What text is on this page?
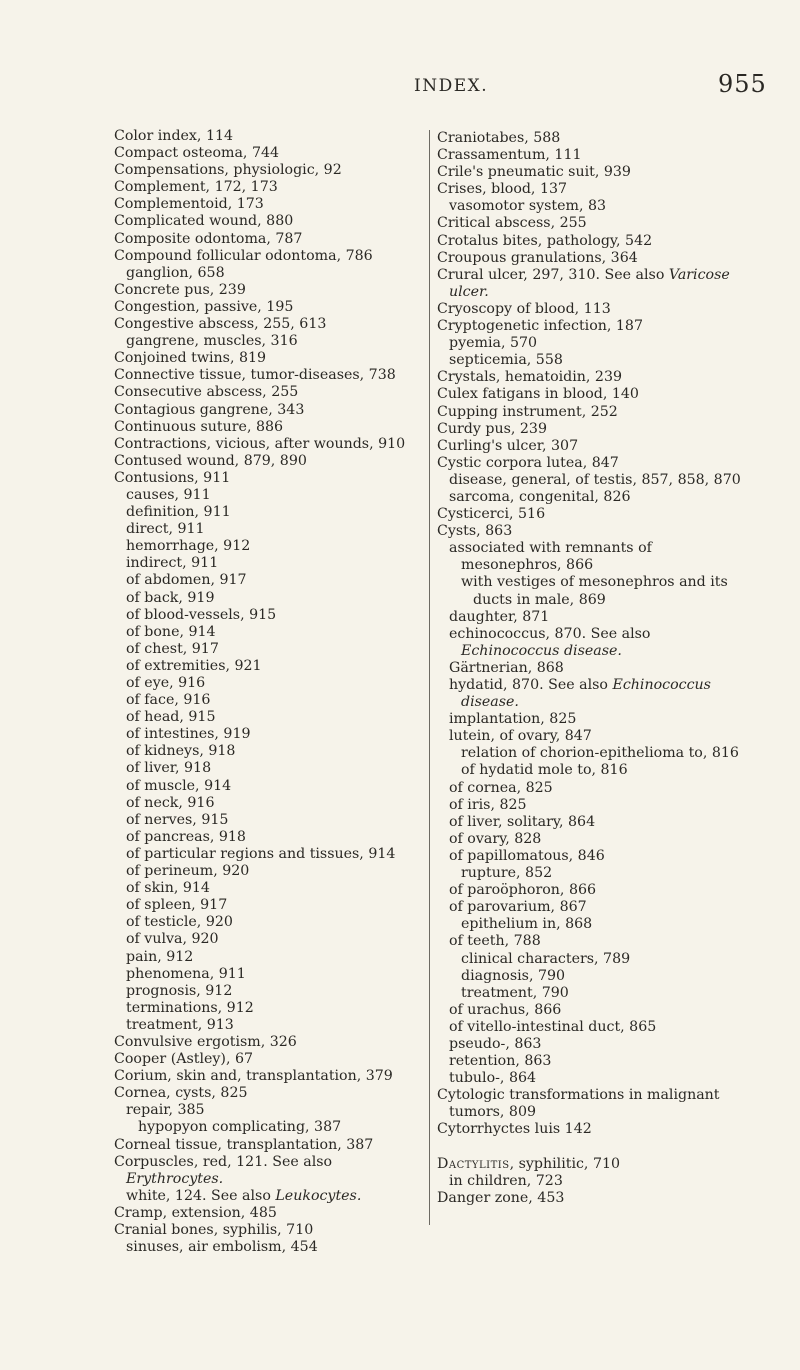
INDEX.	955
Color index, 114
Compact osteoma, 744
Compensations, physiologic, 92
Complement, 172, 173
Complementoid, 173
Complicated wound, 880
Composite odontoma, 787
Compound follicular odontoma, 786
ganglion, 658
Concrete pus, 239
Congestion, passive, 195
Congestive abscess, 255, 613
gangrene, muscles, 316
Conjoined twins, 819
Connective tissue, tumor-diseases, 738
Consecutive abscess, 255
Contagious gangrene, 343
Continuous suture, 886
Contractions, vicious, after wounds, 910
Contused wound, 879, 890
Contusions, 911
causes, 911
definition, 911
direct, 911
hemorrhage, 912
indirect, 911
of abdomen, 917
of back, 919
of blood-vessels, 915
of bone, 914
of chest, 917
of extremities, 921
of eye, 916
of face, 916
of head, 915
of intestines, 919
of kidneys, 918
of liver, 918
of muscle, 914
of neck, 916
of nerves, 915
of pancreas, 918
of particular regions and tissues, 914
of perineum, 920
of skin, 914
of spleen, 917
of testicle, 920
of vulva, 920
pain, 912
phenomena, 911
prognosis, 912
terminations, 912
treatment, 913
Convulsive ergotism, 326
Cooper (Astley), 67
Corium, skin and, transplantation, 379
Cornea, cysts, 825
repair, 385
hypopyon complicating, 387
Corneal tissue, transplantation, 387
Corpuscles, red, 121. See also Erythrocytes.
white, 124. See also Leukocytes.
Cramp, extension, 485
Cranial bones, syphilis, 710
sinuses, air embolism, 454
Craniotabes, 588
Crassamentum, 111
Crile's pneumatic suit, 939
Crises, blood, 137
vasomotor system, 83
Critical abscess, 255
Crotalus bites, pathology, 542
Croupous granulations, 364
Crural ulcer, 297, 310. See also Varicose ulcer.
Cryoscopy of blood, 113
Cryptogenetic infection, 187
pyemia, 570
septicemia, 558
Crystals, hematoidin, 239
Culex fatigans in blood, 140
Cupping instrument, 252
Curdy pus, 239
Curling's ulcer, 307
Cystic corpora lutea, 847
disease, general, of testis, 857, 858, 870
sarcoma, congenital, 826
Cysticerci, 516
Cysts, 863
associated with remnants of mesonephros, 866
with vestiges of mesonephros and its ducts in male, 869
daughter, 871
echinococcus, 870. See also Echinococcus disease.
Gärtnerian, 868
hydatid, 870. See also Echinococcus disease.
implantation, 825
lutein, of ovary, 847
relation of chorion-epithelioma to, 816
of hydatid mole to, 816
of cornea, 825
of iris, 825
of liver, solitary, 864
of ovary, 828
of papillomatous, 846
rupture, 852
of paroöphoron, 866
of parovarium, 867
epithelium in, 868
of teeth, 788
clinical characters, 789
diagnosis, 790
treatment, 790
of urachus, 866
of vitello-intestinal duct, 865
pseudo-, 863
retention, 863
tubulo-, 864
Cytologic transformations in malignant tumors, 809
Cytorrhyctes luis 142
Dactylitis, syphilitic, 710
in children, 723
Danger zone, 453
